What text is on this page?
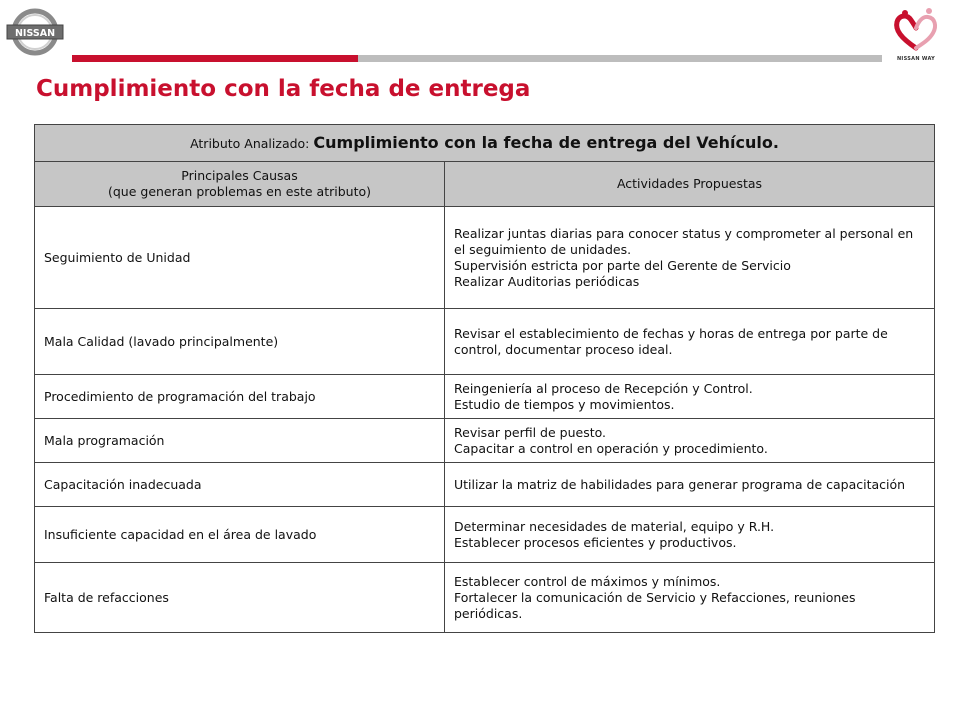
NISSAN
NISSAN WAY
Cumplimiento con la fecha de entrega
Atributo Analizado: Cumplimiento con la fecha de entrega del Vehículo.	

Principales Causas
(que generan problemas en este atributo)	Actividades Propuestas
Seguimiento de Unidad	Realizar juntas diarias para conocer status y comprometer al personal en el seguimiento de unidades.
Supervisión estricta por parte del Gerente de Servicio
Realizar Auditorias periódicas

Mala Calidad (lavado principalmente)	Revisar el establecimiento de fechas y horas de entrega por parte de control, documentar proceso ideal.

Procedimiento de programación del trabajo	Reingeniería al proceso de Recepción y Control.
Estudio de tiempos y movimientos.

Mala programación	Revisar perfil de puesto.
Capacitar a control en operación y procedimiento.

Capacitación inadecuada	Utilizar la matriz de habilidades para generar programa de capacitación

Insuficiente capacidad en el área de lavado	Determinar necesidades de material, equipo y R.H.
Establecer procesos eficientes y productivos.

Falta de refacciones	Establecer control de máximos y mínimos.
Fortalecer la comunicación de Servicio y Refacciones, reuniones periódicas.
